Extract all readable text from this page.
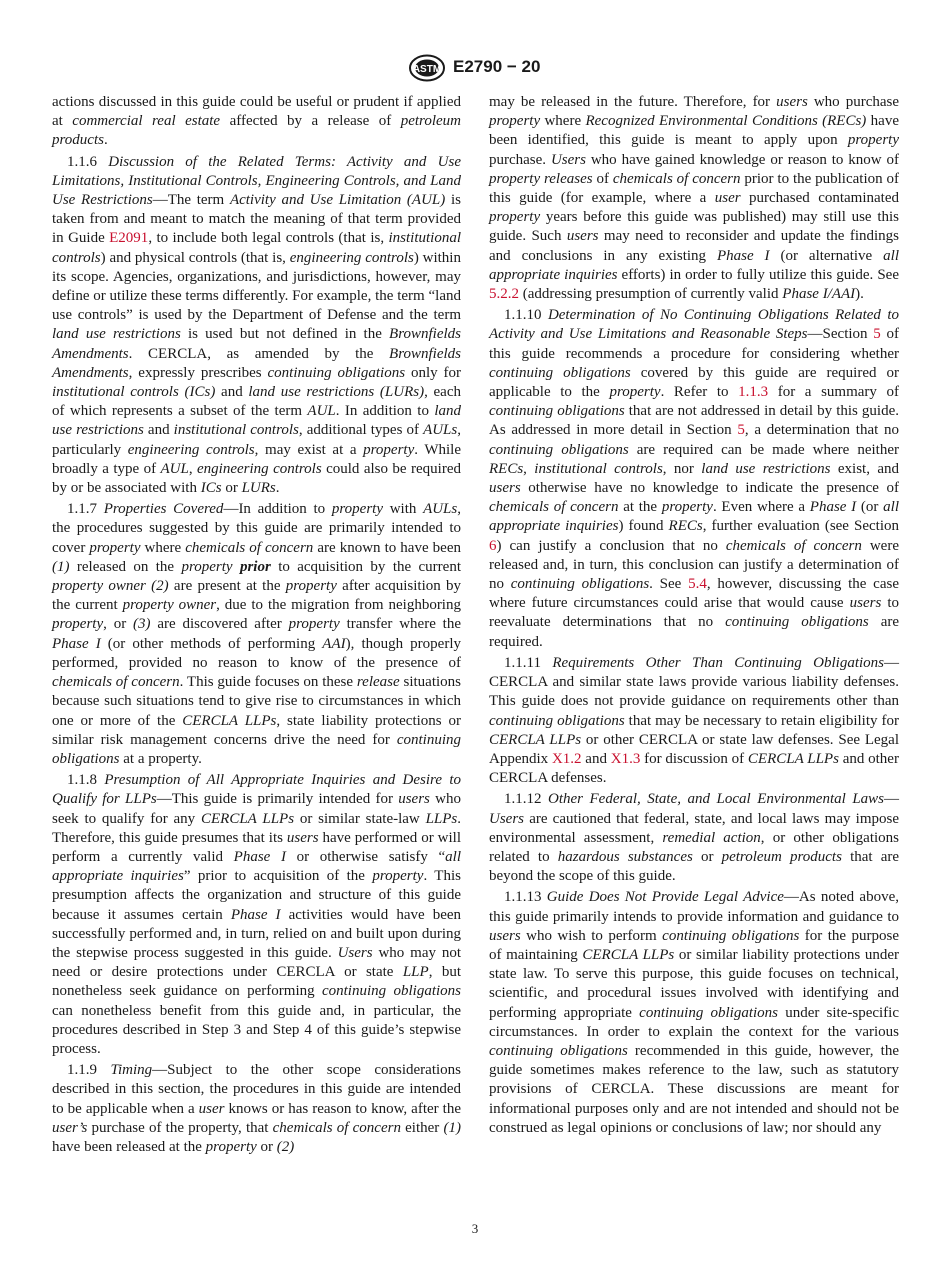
ASTM E2790 − 20

actions discussed in this guide could be useful or prudent if applied at commercial real estate affected by a release of petroleum products.

1.1.6 Discussion of the Related Terms: Activity and Use Limitations, Institutional Controls, Engineering Controls, and Land Use Restrictions—The term Activity and Use Limitation (AUL) is taken from and meant to match the meaning of that term provided in Guide E2091, to include both legal controls (that is, institutional controls) and physical controls (that is, engineering controls) within its scope. Agencies, organizations, and jurisdictions, however, may define or utilize these terms differently. For example, the term “land use controls” is used by the Department of Defense and the term land use restrictions is used but not defined in the Brownfields Amendments. CERCLA, as amended by the Brownfields Amendments, expressly prescribes continuing obligations only for institutional controls (ICs) and land use restrictions (LURs), each of which represents a subset of the term AUL. In addition to land use restrictions and institutional controls, additional types of AULs, particularly engineering controls, may exist at a property. While broadly a type of AUL, engineering controls could also be required by or be associated with ICs or LURs.

1.1.7 Properties Covered—In addition to property with AULs, the procedures suggested by this guide are primarily intended to cover property where chemicals of concern are known to have been (1) released on the property prior to acquisition by the current property owner (2) are present at the property after acquisition by the current property owner, due to the migration from neighboring property, or (3) are discovered after property transfer where the Phase I (or other methods of performing AAI), though properly performed, provided no reason to know of the presence of chemicals of concern. This guide focuses on these release situations because such situations tend to give rise to circumstances in which one or more of the CERCLA LLPs, state liability protections or similar risk management concerns drive the need for continuing obligations at a property.

1.1.8 Presumption of All Appropriate Inquiries and Desire to Qualify for LLPs—This guide is primarily intended for users who seek to qualify for any CERCLA LLPs or similar state-law LLPs. Therefore, this guide presumes that its users have performed or will perform a currently valid Phase I or otherwise satisfy “all appropriate inquiries” prior to acquisition of the property. This presumption affects the organization and structure of this guide because it assumes certain Phase I activities would have been successfully performed and, in turn, relied on and built upon during the stepwise process suggested in this guide. Users who may not need or desire protections under CERCLA or state LLP, but nonetheless seek guidance on performing continuing obligations can nonetheless benefit from this guide and, in particular, the procedures described in Step 3 and Step 4 of this guide’s stepwise process.

1.1.9 Timing—Subject to the other scope considerations described in this section, the procedures in this guide are intended to be applicable when a user knows or has reason to know, after the user’s purchase of the property, that chemicals of concern either (1) have been released at the property or (2)

may be released in the future. Therefore, for users who purchase property where Recognized Environmental Conditions (RECs) have been identified, this guide is meant to apply upon property purchase. Users who have gained knowledge or reason to know of property releases of chemicals of concern prior to the publication of this guide (for example, where a user purchased contaminated property years before this guide was published) may still use this guide. Such users may need to reconsider and update the findings and conclusions in any existing Phase I (or alternative all appropriate inquiries efforts) in order to fully utilize this guide. See 5.2.2 (addressing presumption of currently valid Phase I/AAI).

1.1.10 Determination of No Continuing Obligations Related to Activity and Use Limitations and Reasonable Steps—Section 5 of this guide recommends a procedure for considering whether continuing obligations covered by this guide are required or applicable to the property. Refer to 1.1.3 for a summary of continuing obligations that are not addressed in detail by this guide. As addressed in more detail in Section 5, a determination that no continuing obligations are required can be made where neither RECs, institutional controls, nor land use restrictions exist, and users otherwise have no knowledge to indicate the presence of chemicals of concern at the property. Even where a Phase I (or all appropriate inquiries) found RECs, further evaluation (see Section 6) can justify a conclusion that no chemicals of concern were released and, in turn, this conclusion can justify a determination of no continuing obligations. See 5.4, however, discussing the case where future circumstances could arise that would cause users to reevaluate determinations that no continuing obligations are required.

1.1.11 Requirements Other Than Continuing Obligations—CERCLA and similar state laws provide various liability defenses. This guide does not provide guidance on requirements other than continuing obligations that may be necessary to retain eligibility for CERCLA LLPs or other CERCLA or state law defenses. See Legal Appendix X1.2 and X1.3 for discussion of CERCLA LLPs and other CERCLA defenses.

1.1.12 Other Federal, State, and Local Environmental Laws—Users are cautioned that federal, state, and local laws may impose environmental assessment, remedial action, or other obligations related to hazardous substances or petroleum products that are beyond the scope of this guide.

1.1.13 Guide Does Not Provide Legal Advice—As noted above, this guide primarily intends to provide information and guidance to users who wish to perform continuing obligations for the purpose of maintaining CERCLA LLPs or similar liability protections under state law. To serve this purpose, this guide focuses on technical, scientific, and procedural issues involved with identifying and performing appropriate continuing obligations under site-specific circumstances. In order to explain the context for the various continuing obligations recommended in this guide, however, the guide sometimes makes reference to the law, such as statutory provisions of CERCLA. These discussions are meant for informational purposes only and are not intended and should not be construed as legal opinions or conclusions of law; nor should any

3
